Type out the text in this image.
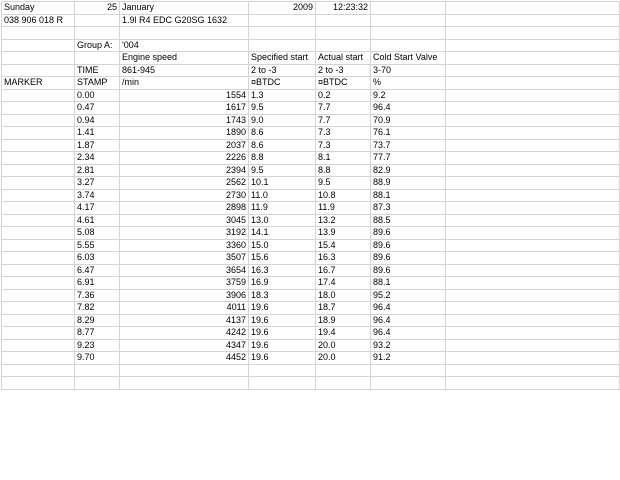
Sunday	25	January	2009	12:23:32		
038 906 018 R		1.9l R4 EDC G20SG 1632				

	Group A:	'004				
		Engine speed	Specified start	Actual start	Cold Start Valve	
	TIME	861-945	2 to -3	2 to -3	3-70	
MARKER	STAMP	/min	¤BTDC	¤BTDC	%	
	0.00	1554	1.3	0.2	9.2	
	0.47	1617	9.5	7.7	96.4	
	0.94	1743	9.0	7.7	70.9	
	1.41	1890	8.6	7.3	76.1	
	1.87	2037	8.6	7.3	73.7	
	2.34	2226	8.8	8.1	77.7	
	2.81	2394	9.5	8.8	82.9	
	3.27	2562	10.1	9.5	88.9	
	3.74	2730	11.0	10.8	88.1	
	4.17	2898	11.9	11.9	87.3	
	4.61	3045	13.0	13.2	88.5	
	5.08	3192	14.1	13.9	89.6	
	5.55	3360	15.0	15.4	89.6	
	6.03	3507	15.6	16.3	89.6	
	6.47	3654	16.3	16.7	89.6	
	6.91	3759	16.9	17.4	88.1	
	7.36	3906	18.3	18.0	95.2	
	7.82	4011	19.6	18.7	96.4	
	8.29	4137	19.6	18.9	96.4	
	8.77	4242	19.6	19.4	96.4	
	9.23	4347	19.6	20.0	93.2	
	9.70	4452	19.6	20.0	91.2	
